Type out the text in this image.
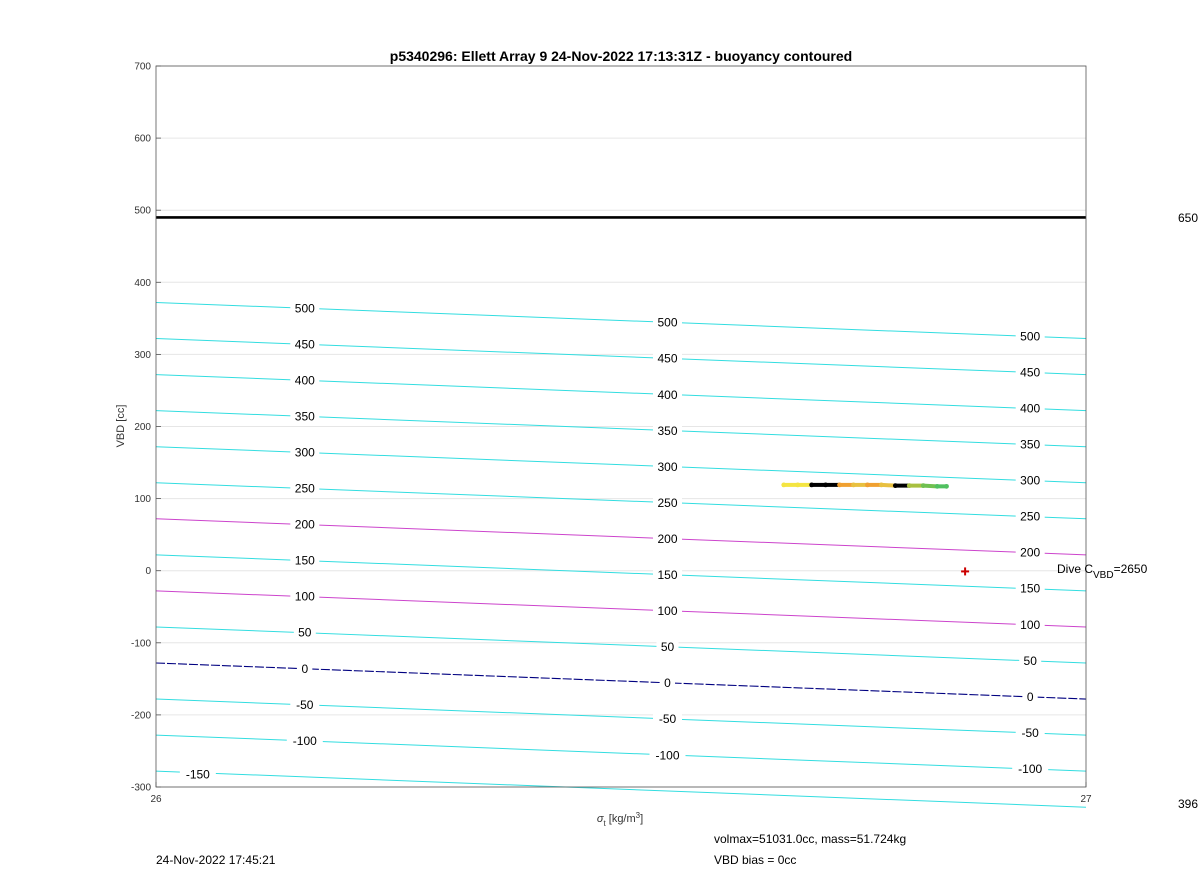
p5340296: Ellett Array 9 24-Nov-2022 17:13:31Z - buoyancy contoured
500
500
500
450
450
450
400
400
400
350
350
350
300
300
300
250
250
250
200
200
200
150
150
150
100
100
100
50
50
50
0
0
0
-50
-50
-50
-100
-100
-100
-150
700
600
500
400
300
200
100
0
-100
-200
-300
26	27
VBD [cc]
$\sigma_t$ $[kg/m^3]$
Dive $C_{VBD}=2650$
650
396
volmax=51031.0cc, mass=51.724kg
VBD bias = 0cc
24-Nov-2022 17:45:21
